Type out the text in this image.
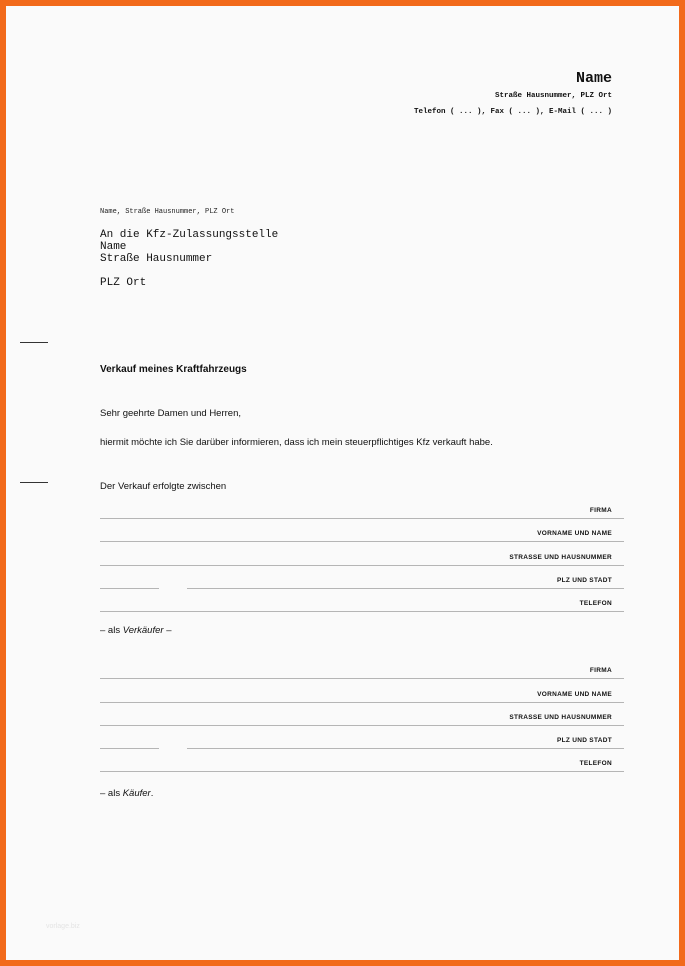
Name
Straße Hausnummer, PLZ Ort
Telefon ( ... ), Fax ( ... ), E-Mail ( ... )
Name, Straße Hausnummer, PLZ Ort
An die Kfz-Zulassungsstelle
Name
Straße Hausnummer
PLZ Ort
Verkauf meines Kraftfahrzeugs
Sehr geehrte Damen und Herren,
hiermit möchte ich Sie darüber informieren, dass ich mein steuerpflichtiges Kfz verkauft habe.
Der Verkauf erfolgte zwischen
FIRMA
VORNAME UND NAME
STRASSE UND HAUSNUMMER
PLZ UND STADT
TELEFON
– als Verkäufer –
FIRMA
VORNAME UND NAME
STRASSE UND HAUSNUMMER
PLZ UND STADT
TELEFON
– als Käufer.
vorlage.biz
